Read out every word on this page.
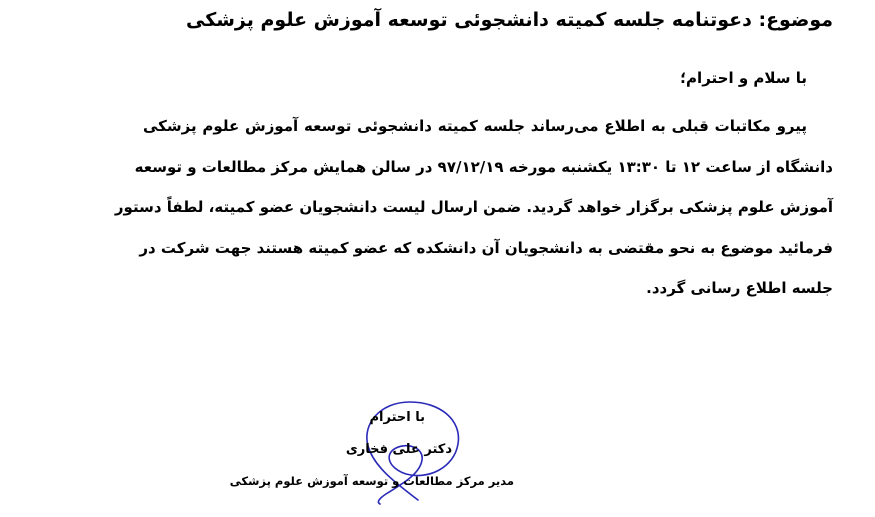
موضوع: دعوتنامه جلسه کمیته دانشجوئی توسعه آموزش علوم پزشکی
با سلام و احترام؛
پیرو مکاتبات قبلی به اطلاع می‌رساند جلسه کمیته دانشجوئی توسعه آموزش علوم پزشکی
دانشگاه از ساعت ۱۲ تا ۱۳:۳۰ یکشنبه مورخه ۹۷/۱۲/۱۹ در سالن همایش مرکز مطالعات و توسعه
آموزش علوم پزشکی برگزار خواهد گردید. ضمن ارسال لیست دانشجویان عضو کمیته، لطفاً دستور
فرمائید موضوع به نحو مقتضی به دانشجویان آن دانشکده که عضو کمیته هستند جهت شرکت در
جلسه اطلاع رسانی گردد.
با احترام
دکتر علی فخاری
مدیر مرکز مطالعات و توسعه آموزش علوم پزشکی
